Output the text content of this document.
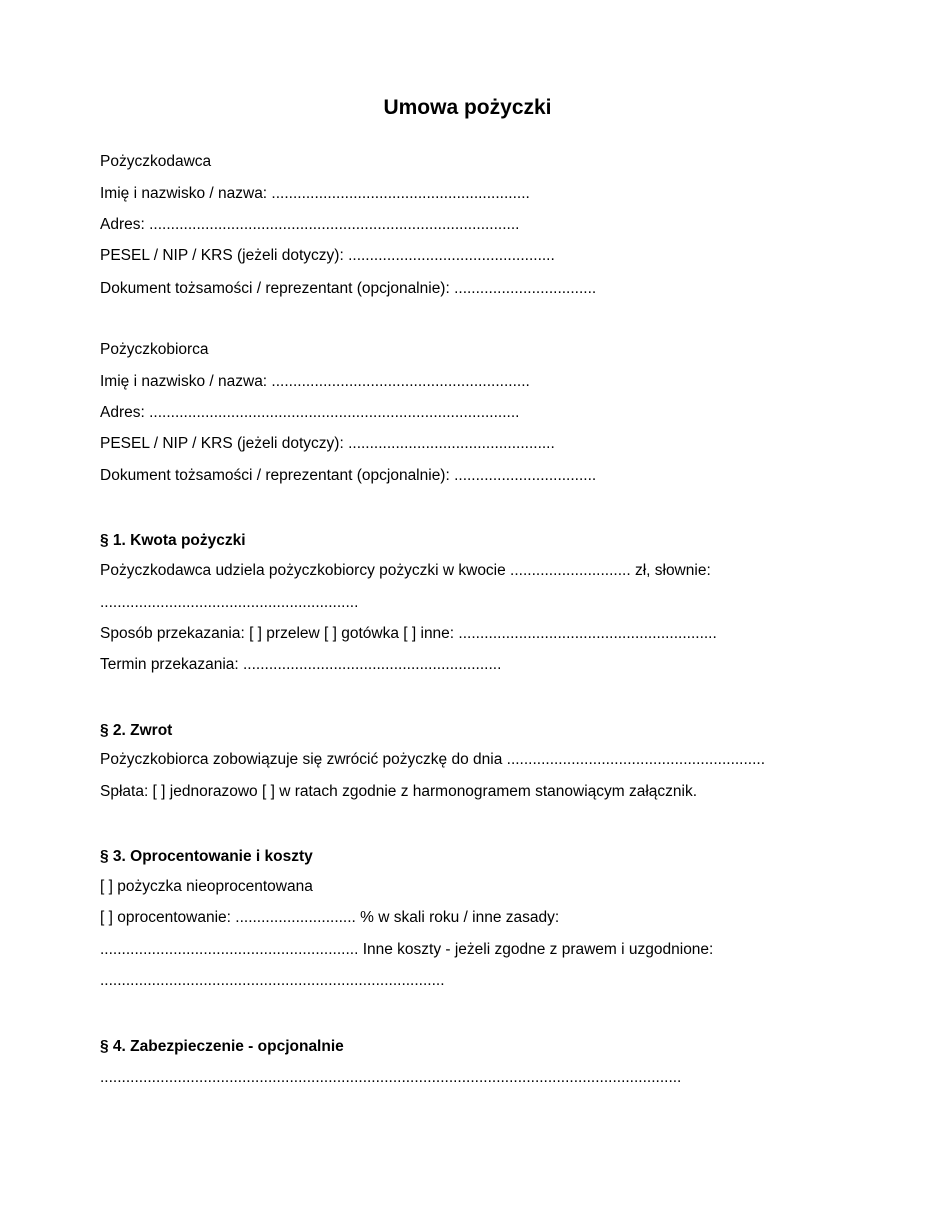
Umowa pożyczki
Pożyczkodawca
Imię i nazwisko / nazwa: ............................................................
Adres: ......................................................................................
PESEL / NIP / KRS (jeżeli dotyczy): ................................................
Dokument tożsamości / reprezentant (opcjonalnie): .................................
Pożyczkobiorca
Imię i nazwisko / nazwa: ............................................................
Adres: ......................................................................................
PESEL / NIP / KRS (jeżeli dotyczy): ................................................
Dokument tożsamości / reprezentant (opcjonalnie): .................................
§ 1. Kwota pożyczki
Pożyczkodawca udziela pożyczkobiorcy pożyczki w kwocie ............................ zł, słownie:
............................................................
Sposób przekazania: [ ] przelew [ ] gotówka [ ] inne: ............................................................
Termin przekazania: ............................................................
§ 2. Zwrot
Pożyczkobiorca zobowiązuje się zwrócić pożyczkę do dnia ............................................................
Spłata: [ ] jednorazowo [ ] w ratach zgodnie z harmonogramem stanowiącym załącznik.
§ 3. Oprocentowanie i koszty
[ ] pożyczka nieoprocentowana
[ ] oprocentowanie: ............................ % w skali roku / inne zasady:
............................................................ Inne koszty - jeżeli zgodne z prawem i uzgodnione:
................................................................................
§ 4. Zabezpieczenie - opcjonalnie
.......................................................................................................................................
